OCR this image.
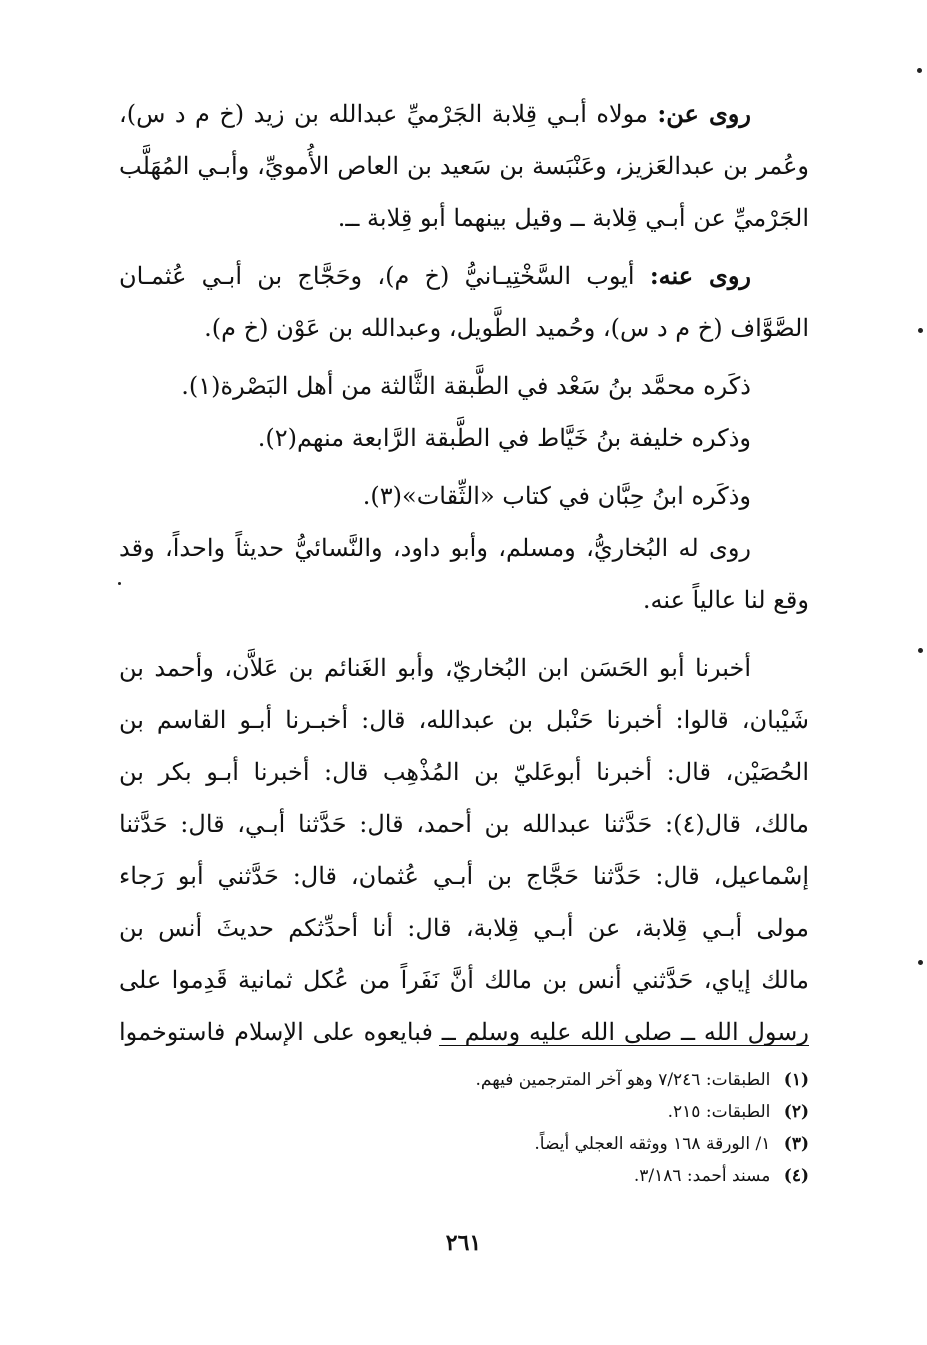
روى عن: مولاه أبـي قِلابة الجَرْميِّ عبدالله بن زيد (خ م د س)،
وعُمر بن عبدالعَزيز، وعَنْبَسة بن سَعيد بن العاص الأُمويِّ، وأبـي المُهَلَّب
الجَرْميِّ عن أبـي قِلابة ــ وقيل بينهما أبو قِلابة ــ.
روى عنه: أيوب السَّخْتِيـانيُّ (خ م)، وحَجَّاج بن أبـي عُثمـان
الصَّوَّاف (خ م د س)، وحُميد الطَّويل، وعبدالله بن عَوْن (خ م).
ذكَره محمَّد بنُ سَعْد في الطَّبقة الثَّالثة من أهل البَصْرة(١).
وذكره خليفة بنُ خَيَّاط في الطَّبقة الرَّابعة منهم(٢).
وذكَره ابنُ حِبَّان في كتاب «الثِّقات»(٣).
روى له البُخاريُّ، ومسلم، وأبو داود، والنَّسائيُّ حديثاً واحداً، وقد
وقع لنا عالياً عنه.
أخبرنا أبو الحَسَن ابن البُخاريّ، وأبو الغَنائم بن عَلاَّن، وأحمد بن
شَيْبان، قالوا: أخبرنا حَنْبل بن عبدالله، قال: أخبـرنا أبـو القاسم بن
الحُصَيْن، قال: أخبرنا أبوعَليّ بن المُذْهِب قال: أخبرنا أبـو بكر بن
مالك، قال(٤): حَدَّثنا عبدالله بن أحمد، قال: حَدَّثنا أبـي، قال: حَدَّثنا
إسْماعيل، قال: حَدَّثنا حَجَّاج بن أبـي عُثمان، قال: حَدَّثني أبو رَجاء
مولى أبـي قِلابة، عن أبـي قِلابة، قال: أنا أحدِّثكم حديثَ أنس بن
مالك إياي، حَدَّثني أنس بن مالك أنَّ نَفَراً من عُكل ثمانية قَدِموا على
رسول الله ــ صلى الله عليه وسلم ــ فبايعوه على الإسلام فاستوخموا
(١) الطبقات: ٧/٢٤٦ وهو آخر المترجمين فيهم.
(٢) الطبقات: ٢١٥.
(٣) ١/ الورقة ١٦٨ ووثقه العجلي أيضاً.
(٤) مسند أحمد: ٣/١٨٦.
٢٦١
